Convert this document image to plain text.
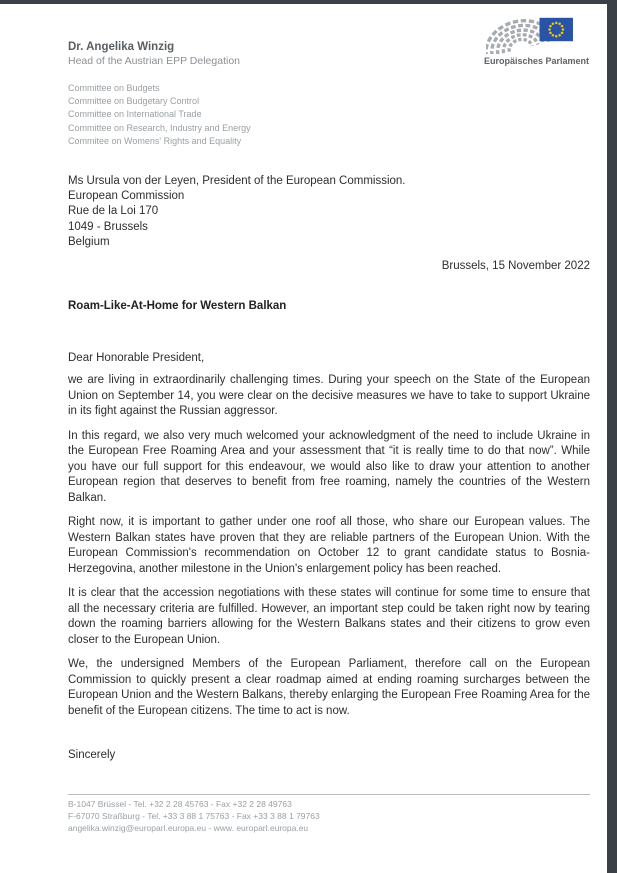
Dr. Angelika Winzig
Head of the Austrian EPP Delegation
Committee on Budgets
Committee on Budgetary Control
Committee on International Trade
Committee on Research, Industry and Energy
Commitee on Womens' Rights and Equality
Europäisches Parlament
Ms Ursula von der Leyen, President of the European Commission.
European Commission
Rue de la Loi 170
1049 - Brussels
Belgium
Brussels, 15 November 2022
Roam-Like-At-Home for Western Balkan
Dear Honorable President,
we are living in extraordinarily challenging times. During your speech on the State of the European Union on September 14, you were clear on the decisive measures we have to take to support Ukraine in its fight against the Russian aggressor.
In this regard, we also very much welcomed your acknowledgment of the need to include Ukraine in the European Free Roaming Area and your assessment that “it is really time to do that now”. While you have our full support for this endeavour, we would also like to draw your attention to another European region that deserves to benefit from free roaming, namely the countries of the Western Balkan.
Right now, it is important to gather under one roof all those, who share our European values. The Western Balkan states have proven that they are reliable partners of the European Union. With the European Commission's recommendation on October 12 to grant candidate status to Bosnia-Herzegovina, another milestone in the Union's enlargement policy has been reached.
It is clear that the accession negotiations with these states will continue for some time to ensure that all the necessary criteria are fulfilled. However, an important step could be taken right now by tearing down the roaming barriers allowing for the Western Balkans states and their citizens to grow even closer to the European Union.
We, the undersigned Members of the European Parliament, therefore call on the European Commission to quickly present a clear roadmap aimed at ending roaming surcharges between the European Union and the Western Balkans, thereby enlarging the European Free Roaming Area for the benefit of the European citizens. The time to act is now.
Sincerely
B-1047 Brüssel - Tel. +32 2 28 45763 - Fax +32 2 28 49763
F-67070 Straßburg - Tel. +33 3 88 1 75763 - Fax +33 3 88 1 79763
angelika.winzig@europarl.europa.eu - www. europarl.europa.eu
